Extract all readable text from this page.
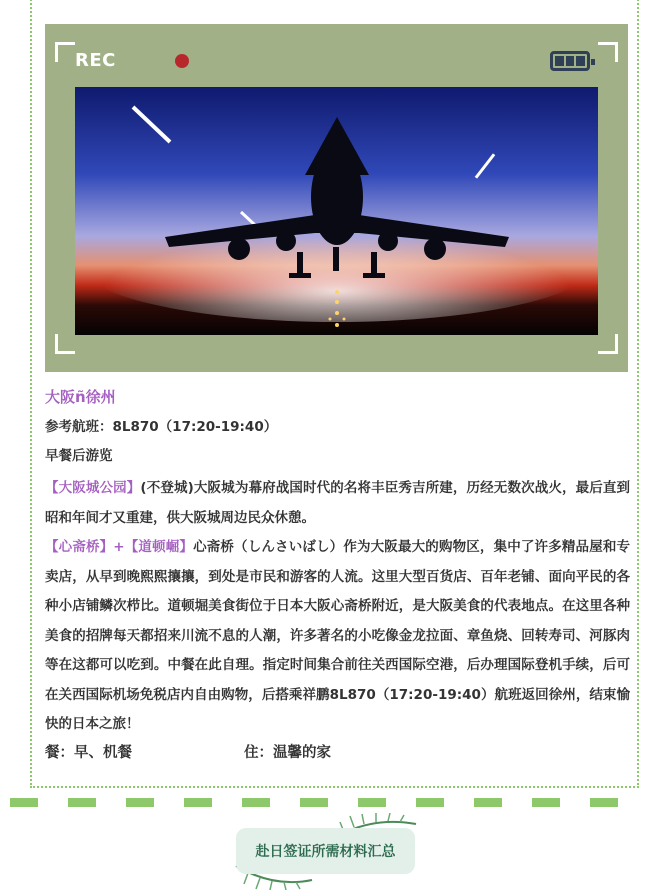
REC
大阪ñ徐州
参考航班：8L870（17:20-19:40）
早餐后游览
【大阪城公园】(不登城)大阪城为幕府战国时代的名将丰臣秀吉所建，历经无数次战火，最后直到昭和年间才又重建，供大阪城周边民众休憩。
【心斋桥】+【道顿崛】心斋桥（しんさいばし）作为大阪最大的购物区，集中了许多精品屋和专卖店，从早到晚熙熙攘攘，到处是市民和游客的人流。这里大型百货店、百年老铺、面向平民的各种小店铺鳞次栉比。道顿堀美食街位于日本大阪心斋桥附近，是大阪美食的代表地点。在这里各种美食的招牌每天都招来川流不息的人潮，许多著名的小吃像金龙拉面、章鱼烧、回转寿司、河豚肉等在这都可以吃到。中餐在此自理。指定时间集合前往关西国际空港，后办理国际登机手续，后可在关西国际机场免税店内自由购物，后搭乘祥鹏8L870（17:20-19:40）航班返回徐州，结束愉快的日本之旅！
餐：早、机餐	住：温馨的家
赴日签证所需材料汇总
